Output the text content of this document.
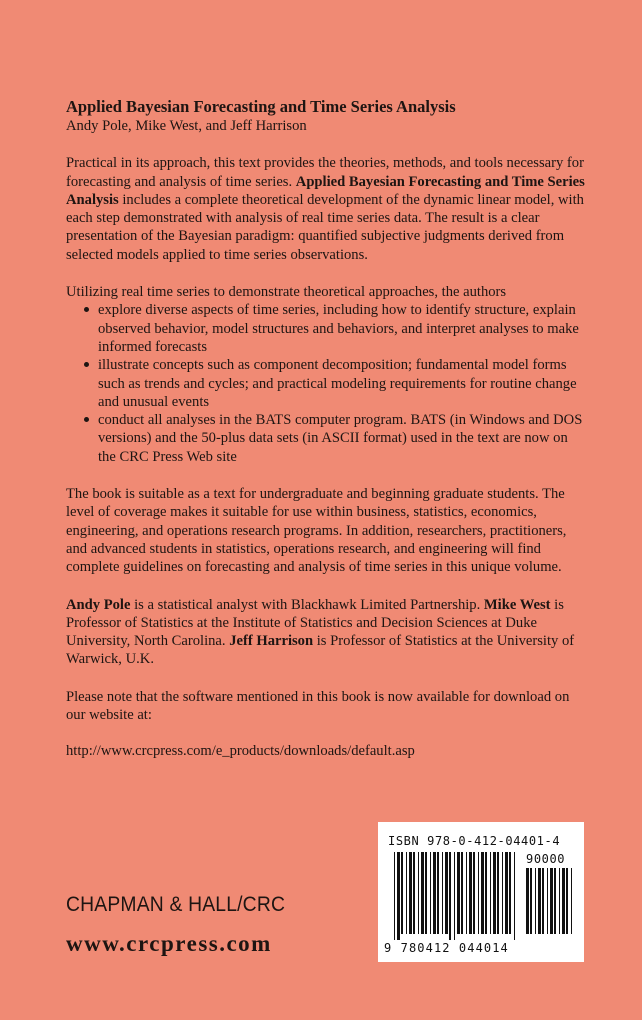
Applied Bayesian Forecasting and Time Series Analysis
Andy Pole, Mike West, and Jeff Harrison

Practical in its approach, this text provides the theories, methods, and tools necessary for forecasting and analysis of time series. Applied Bayesian Forecasting and Time Series Analysis includes a complete theoretical development of the dynamic linear model, with each step demonstrated with analysis of real time series data. The result is a clear presentation of the Bayesian paradigm: quantified subjective judgments derived from selected models applied to time series observations.

Utilizing real time series to demonstrate theoretical approaches, the authors

explore diverse aspects of time series, including how to identify structure, explain observed behavior, model structures and behaviors, and interpret analyses to make informed forecasts
illustrate concepts such as component decomposition; fundamental model forms such as trends and cycles; and practical modeling requirements for routine change and unusual events
conduct all analyses in the BATS computer program. BATS (in Windows and DOS versions) and the 50-plus data sets (in ASCII format) used in the text are now on the CRC Press Web site

The book is suitable as a text for undergraduate and beginning graduate students. The level of coverage makes it suitable for use within business, statistics, economics, engineering, and operations research programs. In addition, researchers, practitioners, and advanced students in statistics, operations research, and engineering will find complete guidelines on forecasting and analysis of time series in this unique volume.

Andy Pole is a statistical analyst with Blackhawk Limited Partnership. Mike West is Professor of Statistics at the Institute of Statistics and Decision Sciences at Duke University, North Carolina. Jeff Harrison is Professor of Statistics at the University of Warwick, U.K.

Please note that the software mentioned in this book is now available for download on our website at:

http://www.crcpress.com/e_products/downloads/default.asp

CHAPMAN & HALL/CRC
www.crcpress.com
ISBN 978-0-412-04401-4
90000
9 780412 044014
